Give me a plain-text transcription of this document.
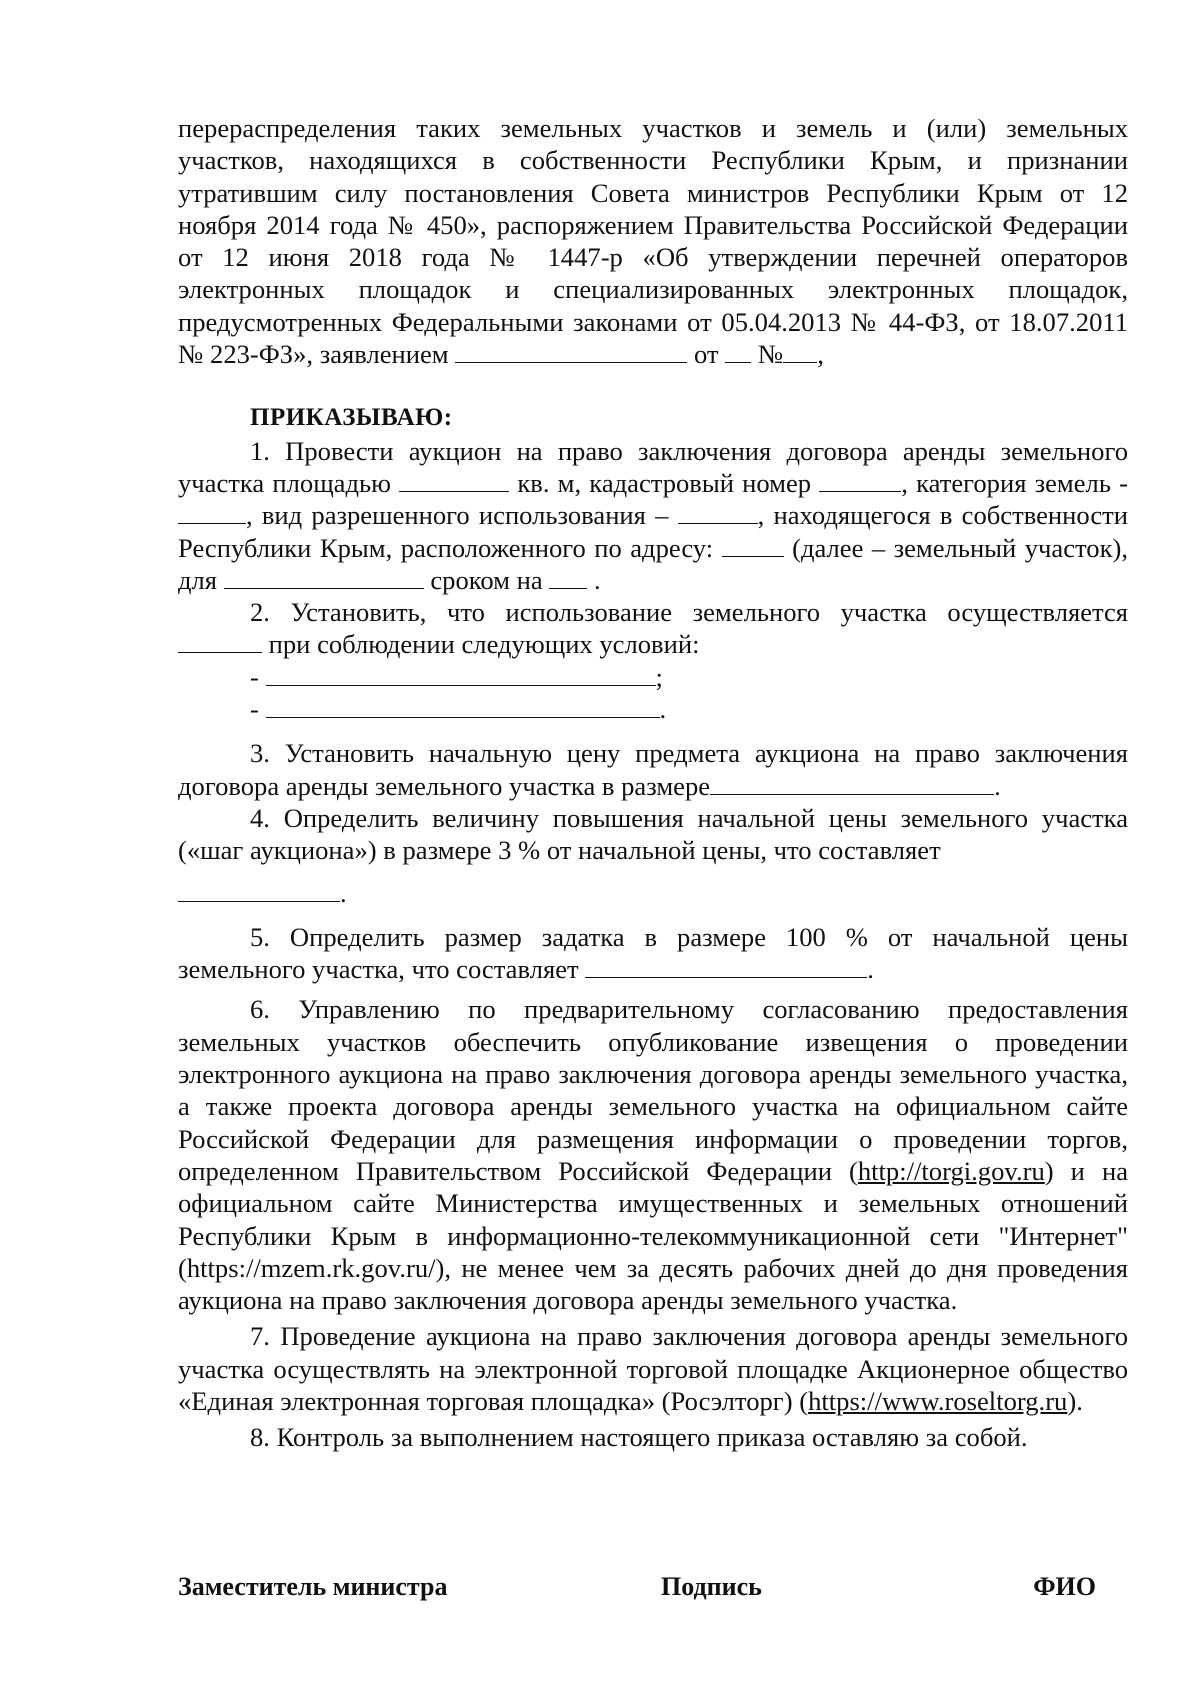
перераспределения таких земельных участков и земель и (или) земельных участков, находящихся в собственности Республики Крым, и признании утратившим силу постановления Совета министров Республики Крым от 12 ноября 2014 года № 450», распоряжением Правительства Российской Федерации от 12 июня 2018 года № 1447-р «Об утверждении перечней операторов электронных площадок и специализированных электронных площадок, предусмотренных Федеральными законами от 05.04.2013 № 44-ФЗ, от 18.07.2011 № 223-ФЗ», заявлением	от № ,

ПРИКАЗЫВАЮ:

1. Провести аукцион на право заключения договора аренды земельного участка площадью	кв. м, кадастровый номер	, категория земель - , вид разрешенного использования –	, находящегося в собственности Республики Крым, расположенного по адресу:	(далее – земельный участок), для	сроком на .

2. Установить, что использование земельного участка осуществляется  при соблюдении следующих условий:

-	;

-	.

3. Установить начальную цену предмета аукциона на право заключения договора аренды земельного участка в размере	.

4. Определить величину повышения начальной цены земельного участка («шаг аукциона») в размере 3 % от начальной цены, что составляет

.

5. Определить размер задатка в размере 100 % от начальной цены земельного участка, что составляет	.

6. Управлению по предварительному согласованию предоставления земельных участков обеспечить опубликование извещения о проведении электронного аукциона на право заключения договора аренды земельного участка, а также проекта договора аренды земельного участка на официальном сайте Российской Федерации для размещения информации о проведении торгов, определенном Правительством Российской Федерации (http://torgi.gov.ru) и на официальном сайте Министерства имущественных и земельных отношений Республики Крым в информационно-телекоммуникационной сети "Интернет" (https://mzem.rk.gov.ru/), не менее чем за десять рабочих дней до дня проведения аукциона на право заключения договора аренды земельного участка.

7. Проведение аукциона на право заключения договора аренды земельного участка осуществлять на электронной торговой площадке Акционерное общество «Единая электронная торговая площадка» (Росэлторг) (https://www.roseltorg.ru).

8. Контроль за выполнением настоящего приказа оставляю за собой.

Заместитель министра	Подпись	ФИО
